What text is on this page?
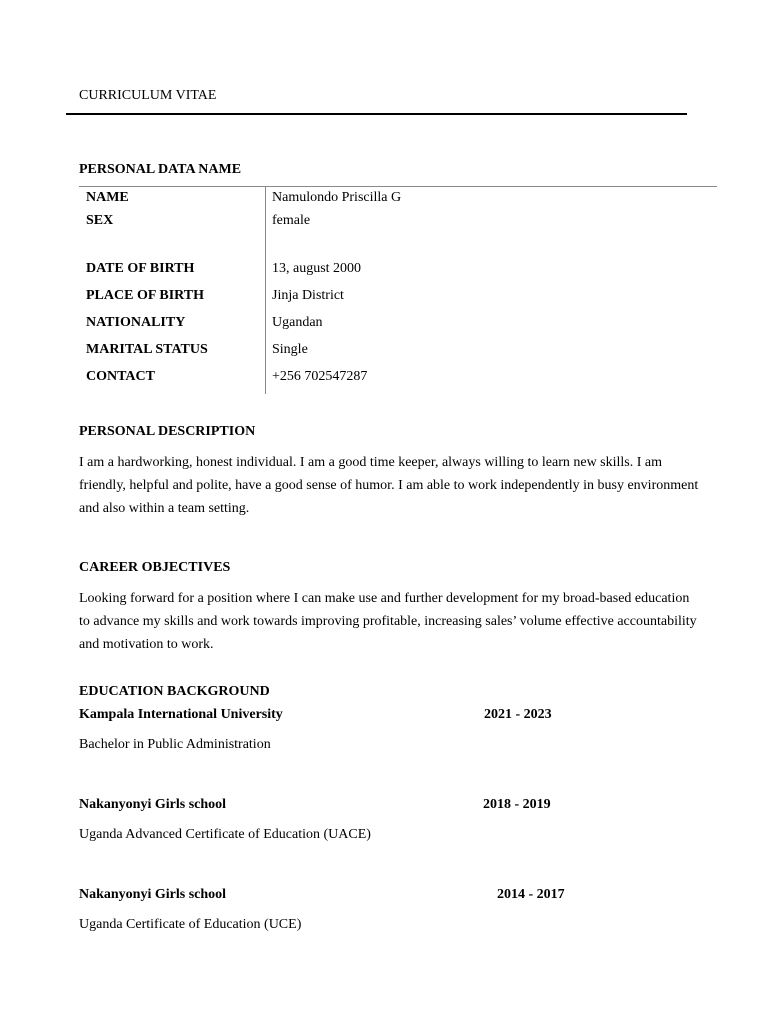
CURRICULUM VITAE
PERSONAL DATA NAME
NAME	Namulondo Priscilla G
SEX	female
DATE OF BIRTH	13, august 2000
PLACE OF BIRTH	Jinja District
NATIONALITY	Ugandan
MARITAL STATUS	Single
CONTACT	+256 702547287
PERSONAL DESCRIPTION
I am a hardworking, honest individual. I am a good time keeper, always willing to learn new skills. I am
friendly, helpful and polite, have a good sense of humor. I am able to work independently in busy environment
and also within a team setting.
CAREER OBJECTIVES
Looking forward for a position where I can make use and further development for my broad-based education
to advance my skills and work towards improving profitable, increasing sales’ volume effective accountability
and motivation to work.
EDUCATION BACKGROUND
Kampala International University	2021 - 2023
Bachelor in Public Administration
Nakanyonyi Girls school	2018 - 2019
Uganda Advanced Certificate of Education (UACE)
Nakanyonyi Girls school	2014 - 2017
Uganda Certificate of Education (UCE)
